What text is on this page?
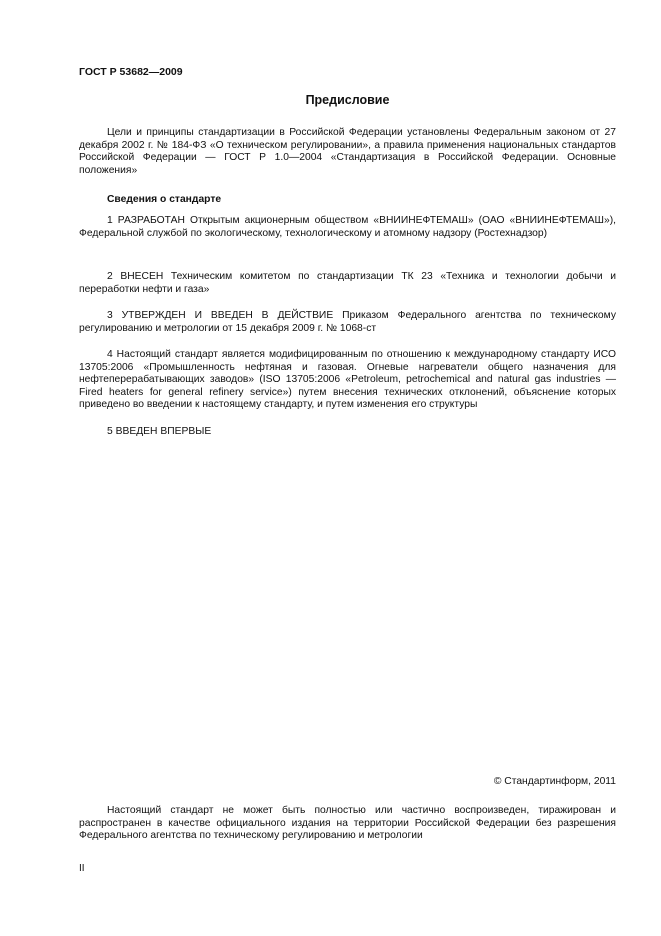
ГОСТ Р 53682—2009
Предисловие

Цели и принципы стандартизации в Российской Федерации установлены Федеральным законом от 27 декабря 2002 г. № 184-ФЗ «О техническом регулировании», а правила применения национальных стандартов Российской Федерации — ГОСТ Р 1.0—2004 «Стандартизация в Российской Федерации. Основные положения»

Сведения о стандарте

1 РАЗРАБОТАН Открытым акционерным обществом «ВНИИНЕФТЕМАШ» (ОАО «ВНИИНЕФТЕМАШ»), Федеральной службой по экологическому, технологическому и атомному надзору (Ростехнадзор)

2 ВНЕСЕН Техническим комитетом по стандартизации ТК 23 «Техника и технологии добычи и переработки нефти и газа»

3 УТВЕРЖДЕН И ВВЕДЕН В ДЕЙСТВИЕ Приказом Федерального агентства по техническому регулированию и метрологии от 15 декабря 2009 г. № 1068-ст

4 Настоящий стандарт является модифицированным по отношению к международному стандарту ИСО 13705:2006 «Промышленность нефтяная и газовая. Огневые нагреватели общего назначения для нефтеперерабатывающих заводов» (ISO 13705:2006 «Petroleum, petrochemical and natural gas industries — Fired heaters for general refinery service») путем внесения технических отклонений, объяснение которых приведено во введении к настоящему стандарту, и путем изменения его структуры

5 ВВЕДЕН ВПЕРВЫЕ

© Стандартинформ, 2011

Настоящий стандарт не может быть полностью или частично воспроизведен, тиражирован и распространен в качестве официального издания на территории Российской Федерации без разрешения Федерального агентства по техническому регулированию и метрологии

II
